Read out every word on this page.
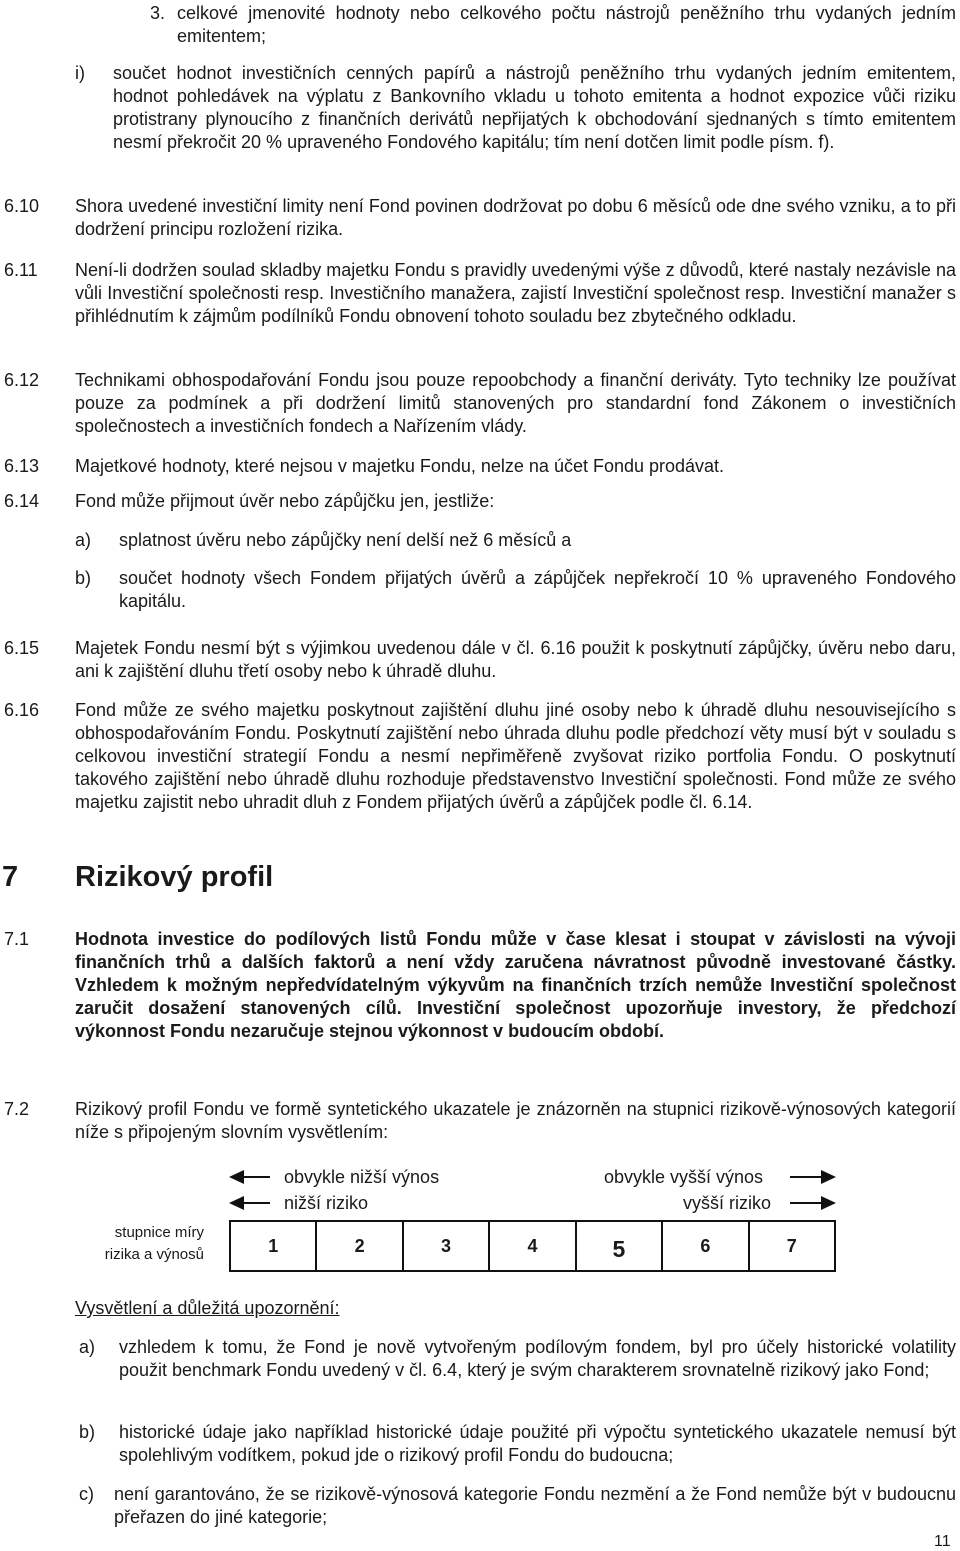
3. celkové jmenovité hodnoty nebo celkového počtu nástrojů peněžního trhu vydaných jedním emitentem;
i) součet hodnot investičních cenných papírů a nástrojů peněžního trhu vydaných jedním emitentem, hodnot pohledávek na výplatu z Bankovního vkladu u tohoto emitenta a hodnot expozice vůči riziku protistrany plynoucího z finančních derivátů nepřijatých k obchodování sjednaných s tímto emitentem nesmí překročit 20 % upraveného Fondového kapitálu; tím není dotčen limit podle písm. f).
6.10 Shora uvedené investiční limity není Fond povinen dodržovat po dobu 6 měsíců ode dne svého vzniku, a to při dodržení principu rozložení rizika.
6.11 Není-li dodržen soulad skladby majetku Fondu s pravidly uvedenými výše z důvodů, které nastaly nezávisle na vůli Investiční společnosti resp. Investičního manažera, zajistí Investiční společnost resp. Investiční manažer s přihlédnutím k zájmům podílníků Fondu obnovení tohoto souladu bez zbytečného odkladu.
6.12 Technikami obhospodařování Fondu jsou pouze repoobchody a finanční deriváty. Tyto techniky lze používat pouze za podmínek a při dodržení limitů stanovených pro standardní fond Zákonem o investičních společnostech a investičních fondech a Nařízením vlády.
6.13 Majetkové hodnoty, které nejsou v majetku Fondu, nelze na účet Fondu prodávat.
6.14 Fond může přijmout úvěr nebo zápůjčku jen, jestliže:
a) splatnost úvěru nebo zápůjčky není delší než 6 měsíců a
b) součet hodnoty všech Fondem přijatých úvěrů a zápůjček nepřekročí 10 % upraveného Fondového kapitálu.
6.15 Majetek Fondu nesmí být s výjimkou uvedenou dále v čl. 6.16 použit k poskytnutí zápůjčky, úvěru nebo daru, ani k zajištění dluhu třetí osoby nebo k úhradě dluhu.
6.16 Fond může ze svého majetku poskytnout zajištění dluhu jiné osoby nebo k úhradě dluhu nesouvisejícího s obhospodařováním Fondu. Poskytnutí zajištění nebo úhrada dluhu podle předchozí věty musí být v souladu s celkovou investiční strategií Fondu a nesmí nepřiměřeně zvyšovat riziko portfolia Fondu. O poskytnutí takového zajištění nebo úhradě dluhu rozhoduje představenstvo Investiční společnosti. Fond může ze svého majetku zajistit nebo uhradit dluh z Fondem přijatých úvěrů a zápůjček podle čl. 6.14.
7 Rizikový profil
7.1	Hodnota investice do podílových listů Fondu může v čase klesat i stoupat v závislosti na vývoji finančních trhů a dalších faktorů a není vždy zaručena návratnost původně investované částky. Vzhledem k možným nepředvídatelným výkyvům na finančních trzích nemůže Investiční společnost zaručit dosažení stanovených cílů. Investiční společnost upozorňuje investory, že předchozí výkonnost Fondu nezaručuje stejnou výkonnost v budoucím období.
7.2	Rizikový profil Fondu ve formě syntetického ukazatele je znázorněn na stupnici rizikově-výnosových kategorií níže s připojeným slovním vysvětlením:
obvykle nižší výnos	obvykle vyšší výnos
nižší riziko	vyšší riziko
stupnice míry
rizika a výnosů	1	2	3	4	5	6	7
Vysvětlení a důležitá upozornění:
a) vzhledem k tomu, že Fond je nově vytvořeným podílovým fondem, byl pro účely historické volatility použit benchmark Fondu uvedený v čl. 6.4, který je svým charakterem srovnatelně rizikový jako Fond;
b) historické údaje jako například historické údaje použité při výpočtu syntetického ukazatele nemusí být spolehlivým vodítkem, pokud jde o rizikový profil Fondu do budoucna;
c) není garantováno, že se rizikově-výnosová kategorie Fondu nezmění a že Fond nemůže být v budoucnu přeřazen do jiné kategorie;
11
